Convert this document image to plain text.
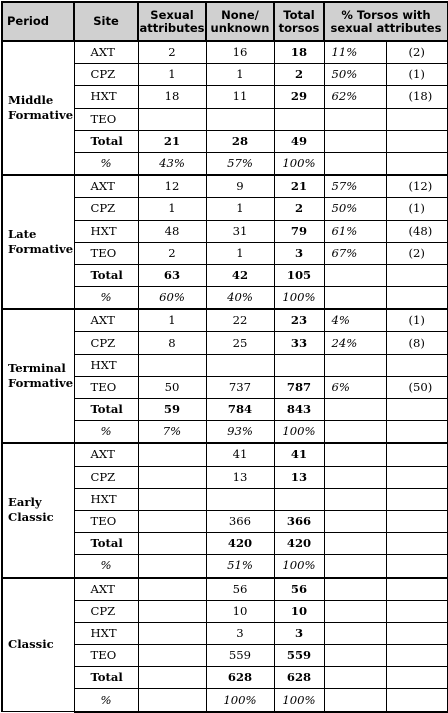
Period	Site	Sexual attributes	None/ unknown	Total torsos	% Torsos with sexual attributes	
Middle Formative	AXT	2	16	18	11%	(2)
	CPZ	1	1	2	50%	(1)
	HXT	18	11	29	62%	(18)
	TEO					
	Total	21	28	49		
	%	43%	57%	100%		
Late Formative	AXT	12	9	21	57%	(12)
	CPZ	1	1	2	50%	(1)
	HXT	48	31	79	61%	(48)
	TEO	2	1	3	67%	(2)
	Total	63	42	105		
	%	60%	40%	100%		
Terminal Formative	AXT	1	22	23	4%	(1)
	CPZ	8	25	33	24%	(8)
	HXT					
	TEO	50	737	787	6%	(50)
	Total	59	784	843		
	%	7%	93%	100%		
Early Classic	AXT		41	41		
	CPZ		13	13		
	HXT					
	TEO		366	366		
	Total		420	420		
	%		51%	100%		
Classic	AXT		56	56		
	CPZ		10	10		
	HXT		3	3		
	TEO		559	559		
	Total		628	628		
	%		100%	100%		
